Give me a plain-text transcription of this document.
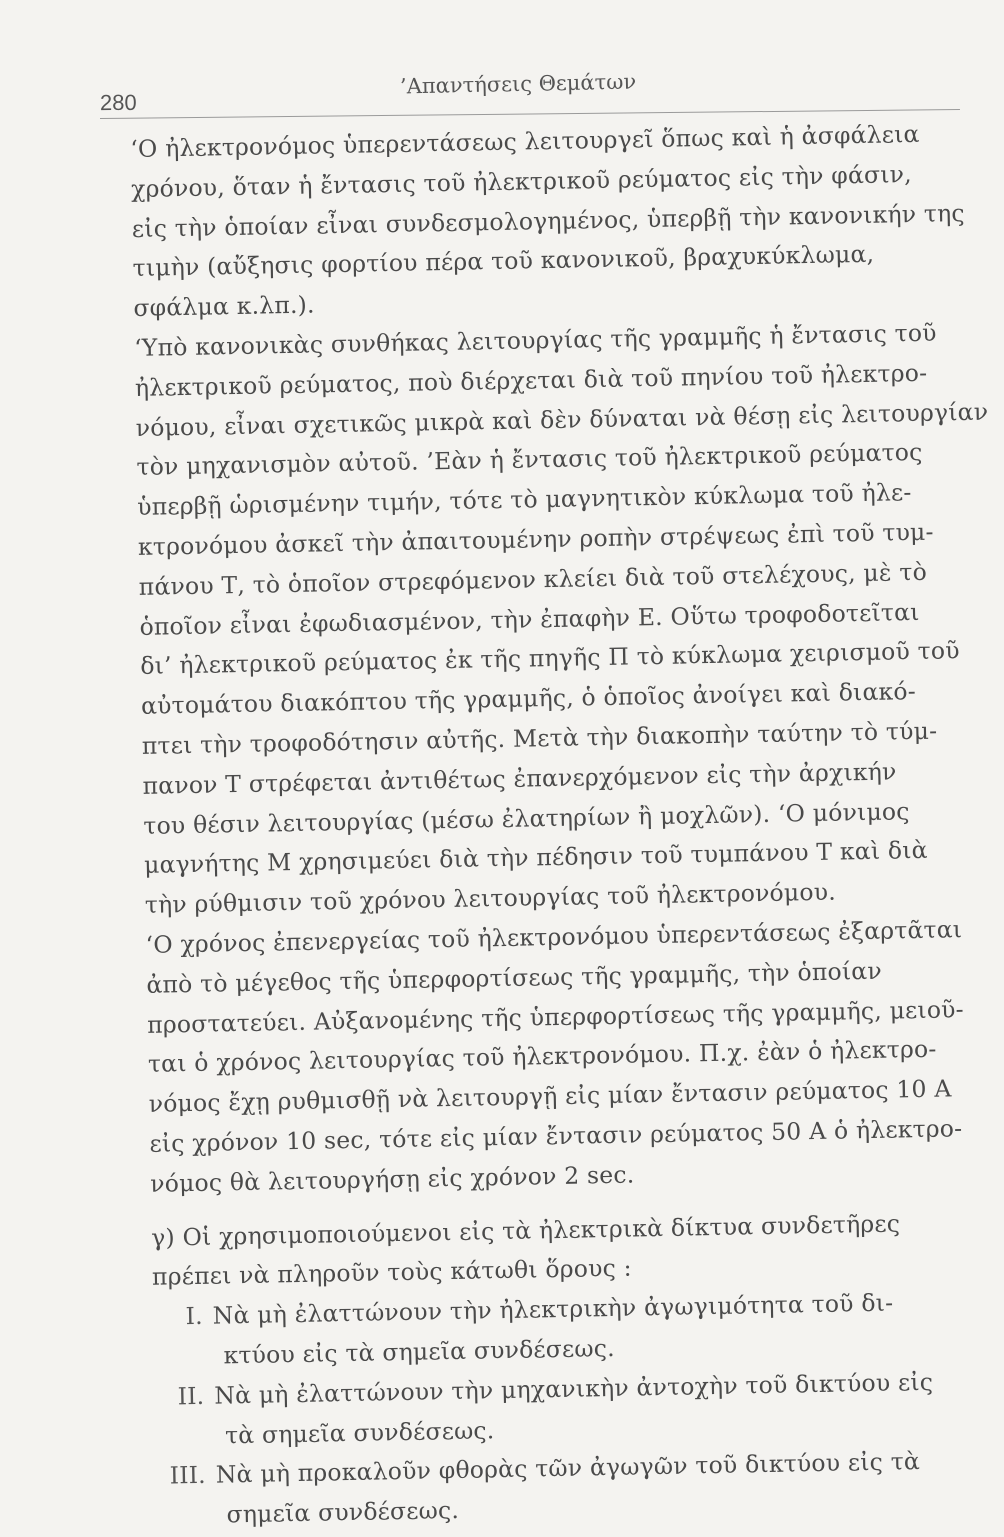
280
’Απαντήσεις Θεμάτων
‘Ο ἠλεκτρονόμος ὑπερεντάσεως λειτουργεῖ ὅπως καὶ ἡ ἀσφάλεια
χρόνου, ὅταν ἡ ἔντασις τοῦ ἠλεκτρικοῦ ρεύματος εἰς τὴν φάσιν,
εἰς τὴν ὁποίαν εἶναι συνδεσμολογημένος, ὑπερβῇ τὴν κανονικήν της
τιμὴν (αὔξησις φορτίου πέρα τοῦ κανονικοῦ, βραχυκύκλωμα,
σφάλμα κ.λπ.).
‘Υπὸ κανονικὰς συνθήκας λειτουργίας τῆς γραμμῆς ἡ ἔντασις τοῦ
ἠλεκτρικοῦ ρεύματος, ποὺ διέρχεται διὰ τοῦ πηνίου τοῦ ἠλεκτρο-
νόμου, εἶναι σχετικῶς μικρὰ καὶ δὲν δύναται νὰ θέσῃ εἰς λειτουργίαν
τὸν μηχανισμὸν αὐτοῦ. ’Εὰν ἡ ἔντασις τοῦ ἠλεκτρικοῦ ρεύματος
ὑπερβῇ ὡρισμένην τιμήν, τότε τὸ μαγνητικὸν κύκλωμα τοῦ ἠλε-
κτρονόμου ἀσκεῖ τὴν ἀπαιτουμένην ροπὴν στρέψεως ἐπὶ τοῦ τυμ-
πάνου Τ, τὸ ὁποῖον στρεφόμενον κλείει διὰ τοῦ στελέχους, μὲ τὸ
ὁποῖον εἶναι ἐφωδιασμένον, τὴν ἐπαφὴν Ε. Οὕτω τροφοδοτεῖται
δι’ ἠλεκτρικοῦ ρεύματος ἐκ τῆς πηγῆς Π τὸ κύκλωμα χειρισμοῦ τοῦ
αὐτομάτου διακόπτου τῆς γραμμῆς, ὁ ὁποῖος ἀνοίγει καὶ διακό-
πτει τὴν τροφοδότησιν αὐτῆς. Μετὰ τὴν διακοπὴν ταύτην τὸ τύμ-
πανον Τ στρέφεται ἀντιθέτως ἐπανερχόμενον εἰς τὴν ἀρχικήν
του θέσιν λειτουργίας (μέσω ἐλατηρίων ἢ μοχλῶν). ‘Ο μόνιμος
μαγνήτης Μ χρησιμεύει διὰ τὴν πέδησιν τοῦ τυμπάνου Τ καὶ διὰ
τὴν ρύθμισιν τοῦ χρόνου λειτουργίας τοῦ ἠλεκτρονόμου.
‘Ο χρόνος ἐπενεργείας τοῦ ἠλεκτρονόμου ὑπερεντάσεως ἐξαρτᾶται
ἀπὸ τὸ μέγεθος τῆς ὑπερφορτίσεως τῆς γραμμῆς, τὴν ὁποίαν
προστατεύει. Αὐξανομένης τῆς ὑπερφορτίσεως τῆς γραμμῆς, μειοῦ-
ται ὁ χρόνος λειτουργίας τοῦ ἠλεκτρονόμου. Π.χ. ἐὰν ὁ ἠλεκτρο-
νόμος ἔχῃ ρυθμισθῇ νὰ λειτουργῇ εἰς μίαν ἔντασιν ρεύματος 10 Α
εἰς χρόνον 10 sec, τότε εἰς μίαν ἔντασιν ρεύματος 50 Α ὁ ἠλεκτρο-
νόμος θὰ λειτουργήσῃ εἰς χρόνον 2 sec.
γ) Οἱ χρησιμοποιούμενοι εἰς τὰ ἠλεκτρικὰ δίκτυα συνδετῆρες
πρέπει νὰ πληροῦν τοὺς κάτωθι ὅρους :
I. Νὰ μὴ ἐλαττώνουν τὴν ἠλεκτρικὴν ἀγωγιμότητα τοῦ δι-
κτύου εἰς τὰ σημεῖα συνδέσεως.
II. Νὰ μὴ ἐλαττώνουν τὴν μηχανικὴν ἀντοχὴν τοῦ δικτύου εἰς
τὰ σημεῖα συνδέσεως.
III. Νὰ μὴ προκαλοῦν φθορὰς τῶν ἀγωγῶν τοῦ δικτύου εἰς τὰ
σημεῖα συνδέσεως.
